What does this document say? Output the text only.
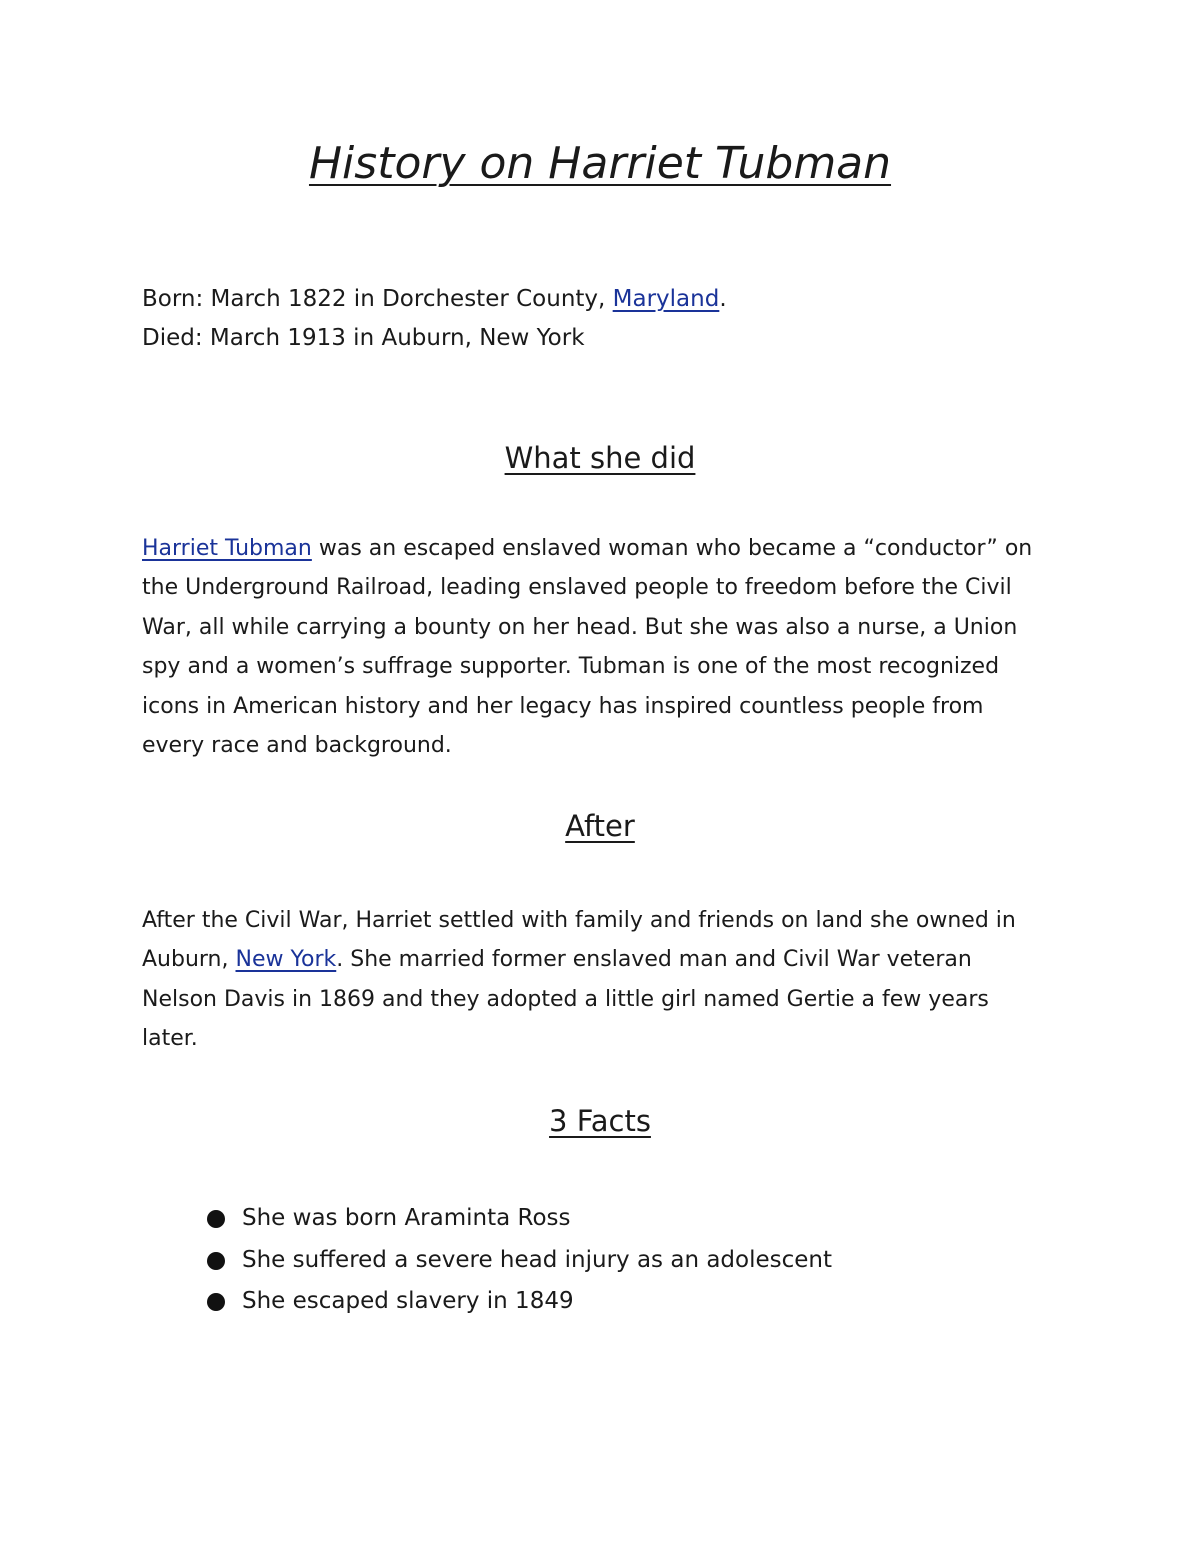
History on Harriet Tubman

Born: March 1822 in Dorchester County, Maryland.

Died: March 1913 in Auburn, New York

What she did

Harriet Tubman was an escaped enslaved woman who became a “conductor” on the Underground Railroad, leading enslaved people to freedom before the Civil War, all while carrying a bounty on her head. But she was also a nurse, a Union spy and a women’s suffrage supporter. Tubman is one of the most recognized icons in American history and her legacy has inspired countless people from every race and background.

After

After the Civil War, Harriet settled with family and friends on land she owned in Auburn, New York. She married former enslaved man and Civil War veteran Nelson Davis in 1869 and they adopted a little girl named Gertie a few years later.

3 Facts
She was born Araminta Ross
She suffered a severe head injury as an adolescent
She escaped slavery in 1849
